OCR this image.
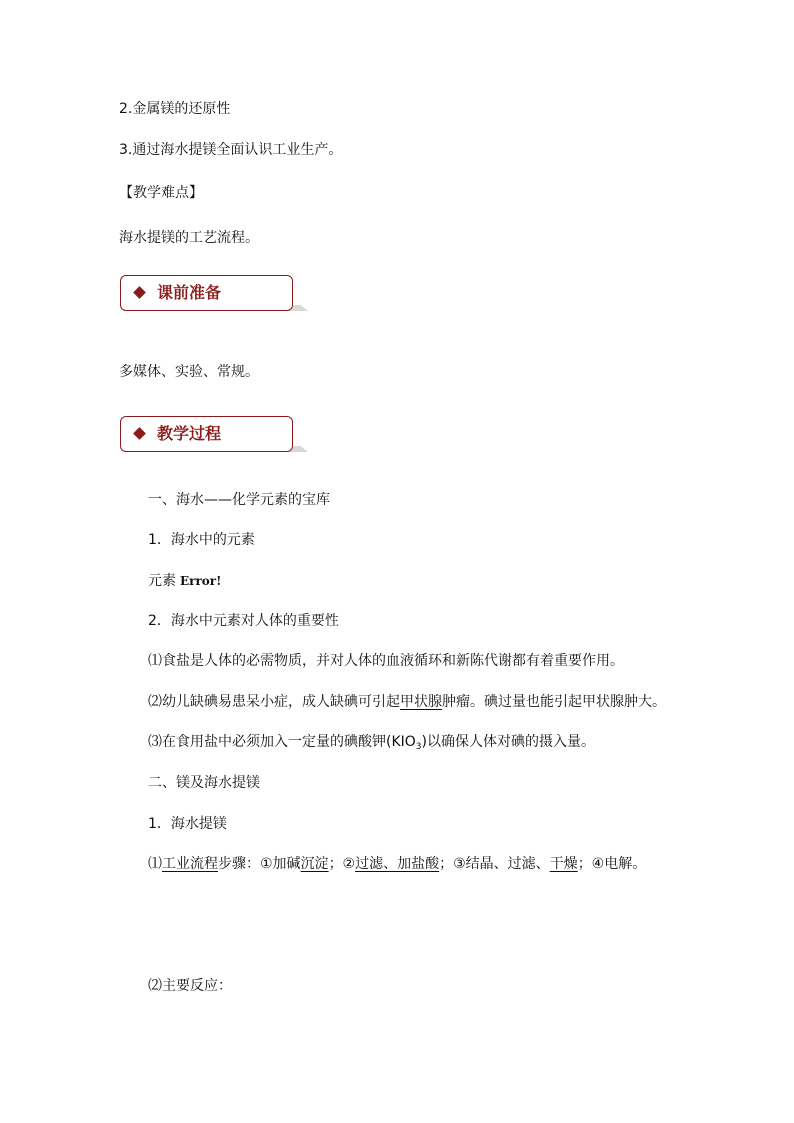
2.金属镁的还原性
3.通过海水提镁全面认识工业生产。
【教学难点】
海水提镁的工艺流程。
课前准备
多媒体、实验、常规。
教学过程
一、海水——化学元素的宝库
1．海水中的元素
元素 Error!
2．海水中元素对人体的重要性
⑴食盐是人体的必需物质，并对人体的血液循环和新陈代谢都有着重要作用。
⑵幼儿缺碘易患呆小症，成人缺碘可引起甲状腺肿瘤。碘过量也能引起甲状腺肿大。
⑶在食用盐中必须加入一定量的碘酸钾$(KIO_3)$以确保人体对碘的摄入量。
二、镁及海水提镁
1．海水提镁
⑴工业流程步骤：①加碱沉淀；②过滤、加盐酸；③结晶、过滤、干燥；④电解。
⑵主要反应：
